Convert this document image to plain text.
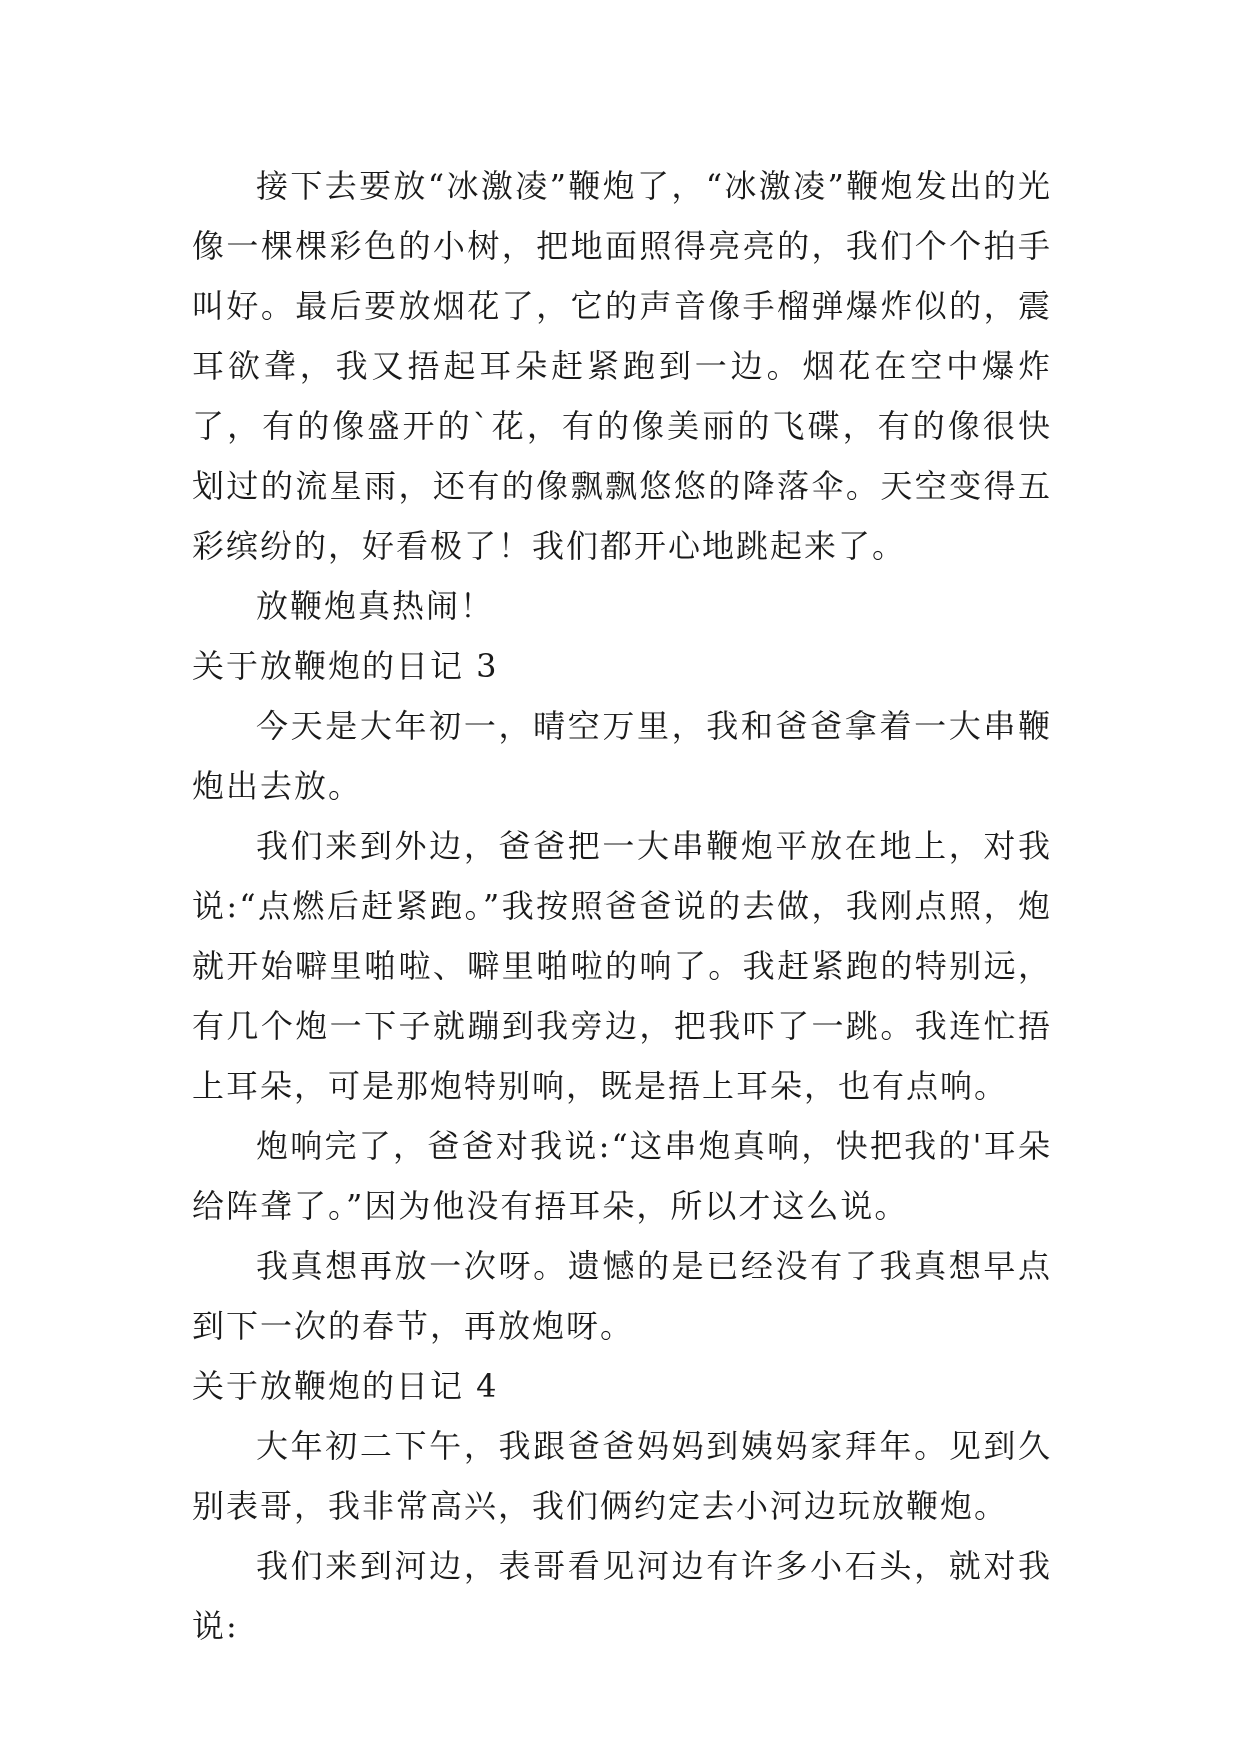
接下去要放“冰激凌”鞭炮了，“冰激凌”鞭炮发出的光像一棵棵彩色的小树，把地面照得亮亮的，我们个个拍手叫好。最后要放烟花了，它的声音像手榴弹爆炸似的，震耳欲聋，我又捂起耳朵赶紧跑到一边。烟花在空中爆炸了，有的像盛开的`花，有的像美丽的飞碟，有的像很快划过的流星雨，还有的像飘飘悠悠的降落伞。天空变得五彩缤纷的，好看极了！我们都开心地跳起来了。

放鞭炮真热闹！

关于放鞭炮的日记 3

今天是大年初一，晴空万里，我和爸爸拿着一大串鞭炮出去放。

我们来到外边，爸爸把一大串鞭炮平放在地上，对我说:“点燃后赶紧跑。”我按照爸爸说的去做，我刚点照，炮就开始噼里啪啦、噼里啪啦的响了。我赶紧跑的特别远，有几个炮一下子就蹦到我旁边，把我吓了一跳。我连忙捂上耳朵，可是那炮特别响，既是捂上耳朵，也有点响。

炮响完了，爸爸对我说:“这串炮真响，快把我的'耳朵给阵聋了。”因为他没有捂耳朵，所以才这么说。

我真想再放一次呀。遗憾的是已经没有了我真想早点到下一次的春节，再放炮呀。

关于放鞭炮的日记 4

大年初二下午，我跟爸爸妈妈到姨妈家拜年。见到久别表哥，我非常高兴，我们俩约定去小河边玩放鞭炮。

我们来到河边，表哥看见河边有许多小石头，就对我说:
